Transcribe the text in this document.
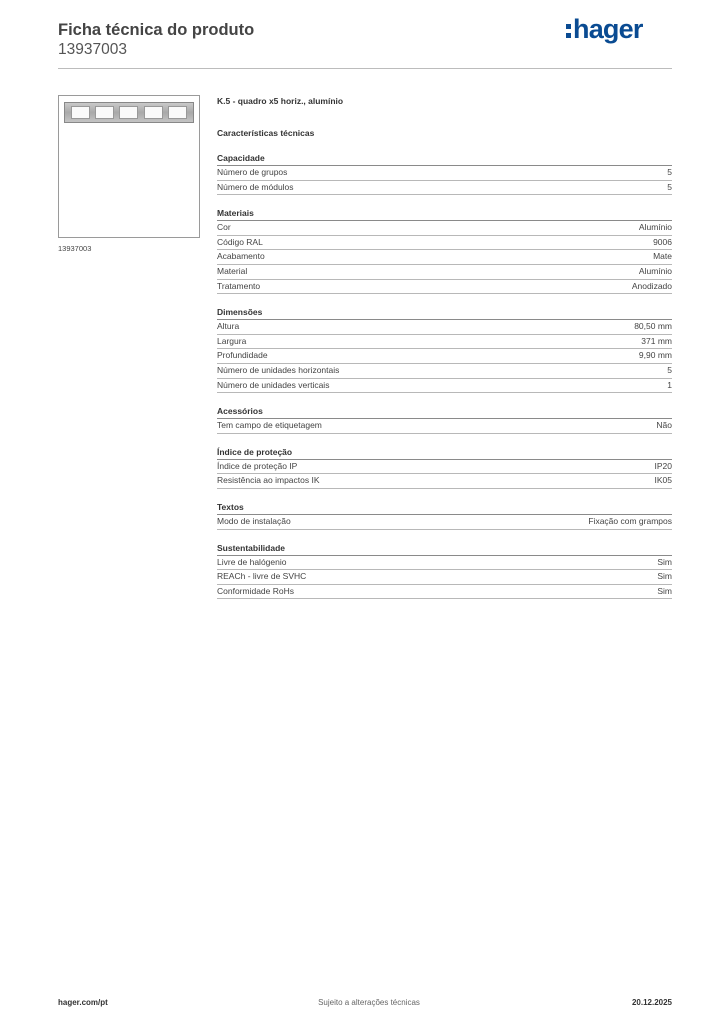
Ficha técnica do produto
13937003
hager
13937003
K.5 - quadro x5 horiz., alumínio
Características técnicas
Capacidade
Número de grupos	5
Número de módulos	5
Materiais
Cor	Alumínio
Código RAL	9006
Acabamento	Mate
Material	Alumínio
Tratamento	Anodizado
Dimensões
Altura	80,50 mm
Largura	371 mm
Profundidade	9,90 mm
Número de unidades horizontais	5
Número de unidades verticais	1
Acessórios
Tem campo de etiquetagem	Não
Índice de proteção
Índice de proteção IP	IP20
Resistência ao impactos IK	IK05
Textos
Modo de instalação	Fixação com grampos
Sustentabilidade
Livre de halógenio	Sim
REACh - livre de SVHC	Sim
Conformidade RoHs	Sim
hager.com/pt	Sujeito a alterações técnicas	20.12.2025
